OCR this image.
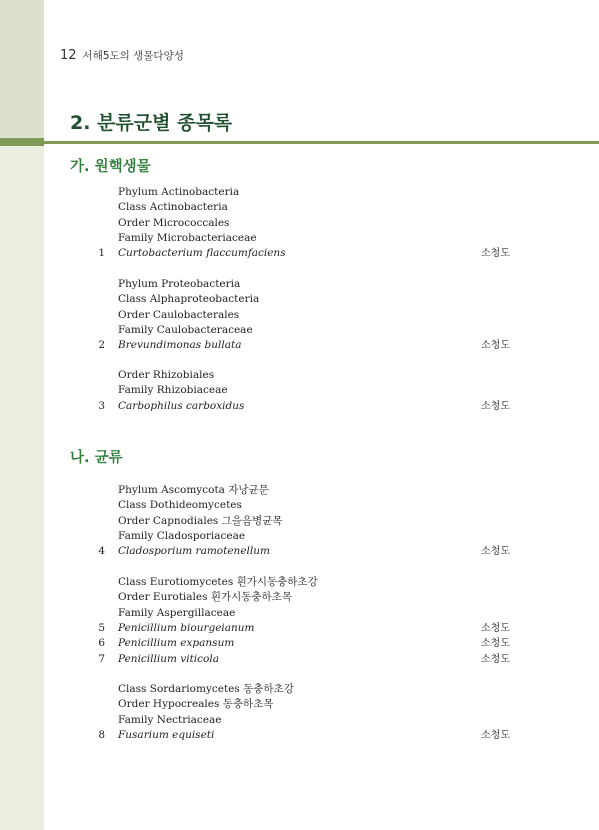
12 서해5도의 생물다양성
2. 분류군별 종목록
가. 원핵생물
Phylum Actinobacteria
Class Actinobacteria
Order Micrococcales
Family Microbacteriaceae
1 Curtobacterium flaccumfaciens	소청도
Phylum Proteobacteria
Class Alphaproteobacteria
Order Caulobacterales
Family Caulobacteraceae
2 Brevundimonas bullata	소청도
Order Rhizobiales
Family Rhizobiaceae
3 Carbophilus carboxidus	소청도
나. 균류
Phylum Ascomycota 자낭균문
Class Dothideomycetes
Order Capnodiales 그을음병균목
Family Cladosporiaceae
4 Cladosporium ramotenellum	소청도
Class Eurotiomycetes 흰가시동충하초강
Order Eurotiales 흰가시동충하초목
Family Aspergillaceae
5 Penicillium biourgeianum	소청도
6 Penicillium expansum	소청도
7 Penicillium viticola	소청도
Class Sordariomycetes 동충하초강
Order Hypocreales 동충하초목
Family Nectriaceae
8 Fusarium equiseti	소청도
